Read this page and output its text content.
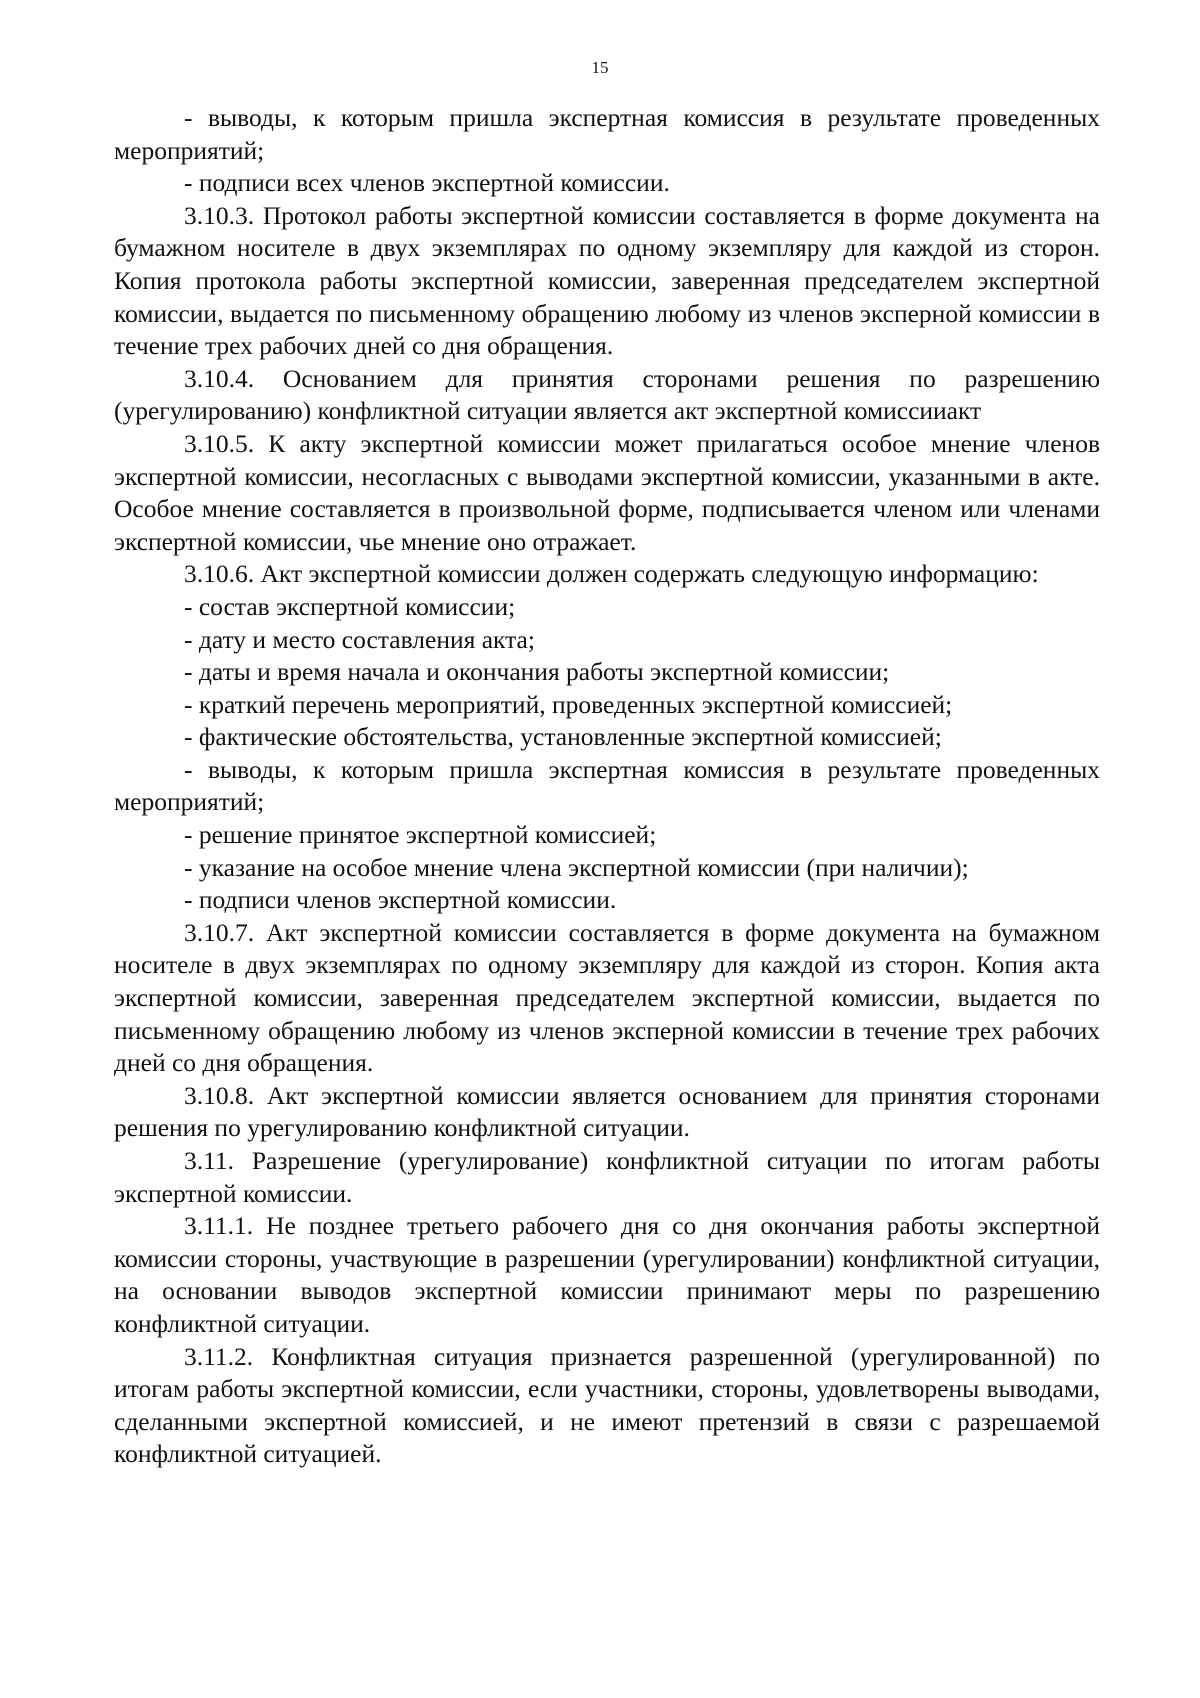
15

- выводы, к которым пришла экспертная комиссия в результате проведенных мероприятий;

- подписи всех членов экспертной комиссии.

3.10.3. Протокол работы экспертной комиссии составляется в форме документа на бумажном носителе в двух экземплярах по одному экземпляру для каждой из сторон. Копия протокола работы экспертной комиссии, заверенная председателем экспертной комиссии, выдается по письменному обращению любому из членов эксперной комиссии в течение трех рабочих дней со дня обращения.

3.10.4. Основанием для принятия сторонами решения по разрешению (урегулированию) конфликтной ситуации является акт экспертной комиссииакт

3.10.5. К акту экспертной комиссии может прилагаться особое мнение членов экспертной комиссии, несогласных с выводами экспертной комиссии, указанными в акте. Особое мнение составляется в произвольной форме, подписывается членом или членами экспертной комиссии, чье мнение оно отражает.

3.10.6. Акт экспертной комиссии должен содержать следующую информацию:

- состав экспертной комиссии;

- дату и место составления акта;

- даты и время начала и окончания работы экспертной комиссии;

- краткий перечень мероприятий, проведенных экспертной комиссией;

- фактические обстоятельства, установленные экспертной комиссией;

- выводы, к которым пришла экспертная комиссия в результате проведенных мероприятий;

- решение принятое экспертной комиссией;

- указание на особое мнение члена экспертной комиссии (при наличии);

- подписи членов экспертной комиссии.

3.10.7. Акт экспертной комиссии составляется в форме документа на бумажном носителе в двух экземплярах по одному экземпляру для каждой из сторон. Копия акта экспертной комиссии, заверенная председателем экспертной комиссии, выдается по письменному обращению любому из членов эксперной комиссии в течение трех рабочих дней со дня обращения.

3.10.8. Акт экспертной комиссии является основанием для принятия сторонами решения по урегулированию конфликтной ситуации.

3.11. Разрешение (урегулирование) конфликтной ситуации по итогам работы экспертной комиссии.

3.11.1. Не позднее третьего рабочего дня со дня окончания работы экспертной комиссии стороны, участвующие в разрешении (урегулировании) конфликтной ситуации, на основании выводов экспертной комиссии принимают меры по разрешению конфликтной ситуации.

3.11.2. Конфликтная ситуация признается разрешенной (урегулированной) по итогам работы экспертной комиссии, если участники, стороны, удовлетворены выводами, сделанными экспертной комиссией, и не имеют претензий в связи с разрешаемой конфликтной ситуацией.
